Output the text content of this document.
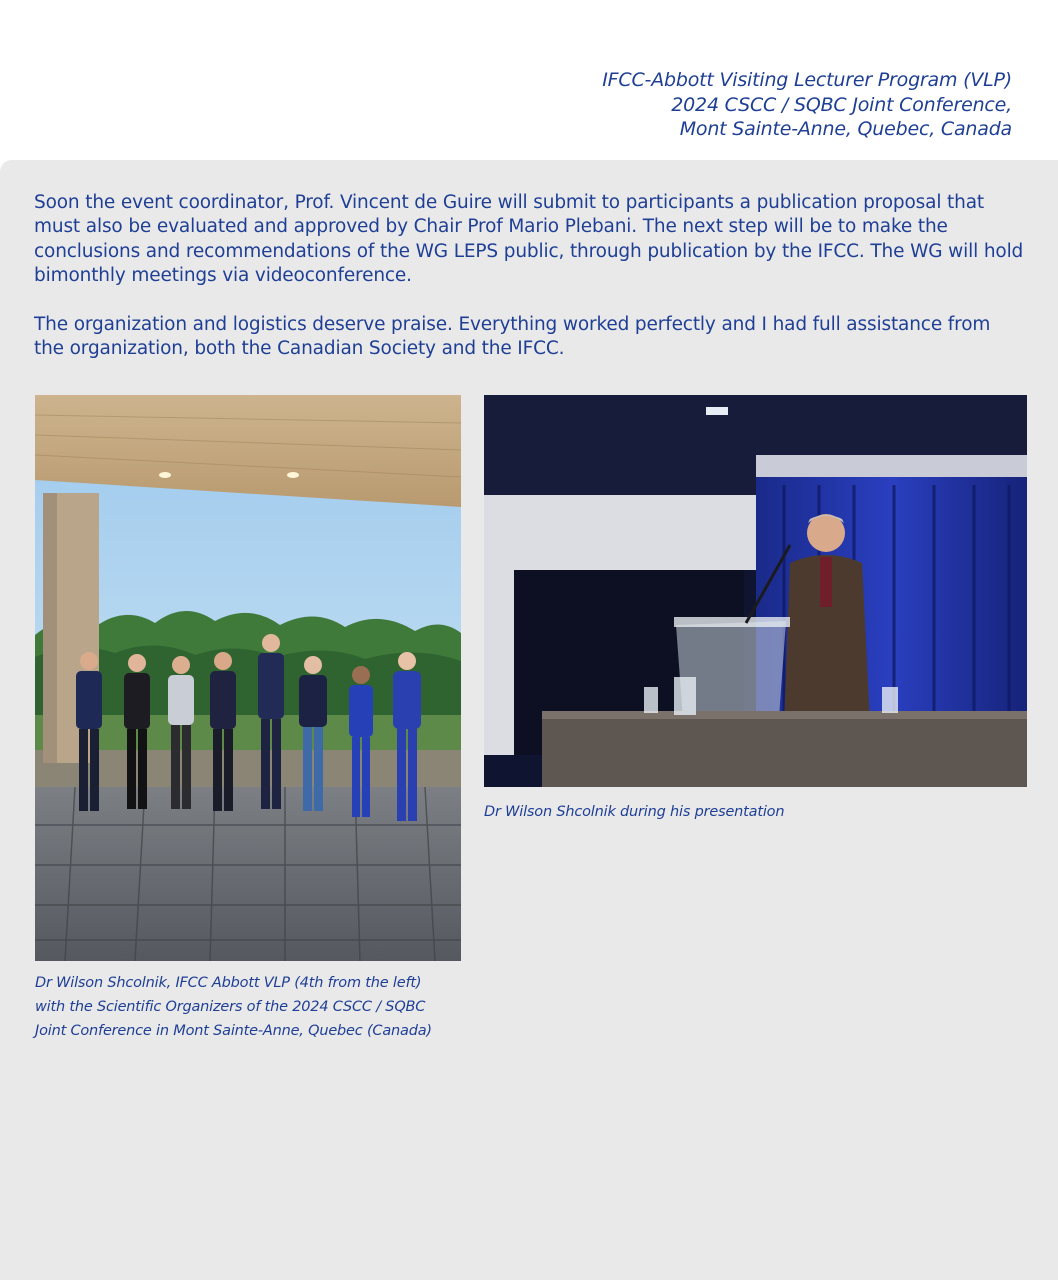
IFCC-Abbott Visiting Lecturer Program (VLP)
2024 CSCC / SQBC Joint Conference,
Mont Sainte-Anne, Quebec, Canada

Soon the event coordinator, Prof. Vincent de Guire will submit to participants a publication proposal that must also be evaluated and approved by Chair Prof Mario Plebani. The next step will be to make the conclusions and recommendations of the WG LEPS public, through publication by the IFCC. The WG will hold bimonthly meetings via videoconference.

The organization and logistics deserve praise. Everything worked perfectly and I had full assistance from the organization, both the Canadian Society and the IFCC.

Dr Wilson Shcolnik, IFCC Abbott VLP (4th from the left) with the Scientific Organizers of the 2024 CSCC / SQBC Joint Conference in Mont Sainte-Anne, Quebec (Canada)
Dr Wilson Shcolnik during his presentation
